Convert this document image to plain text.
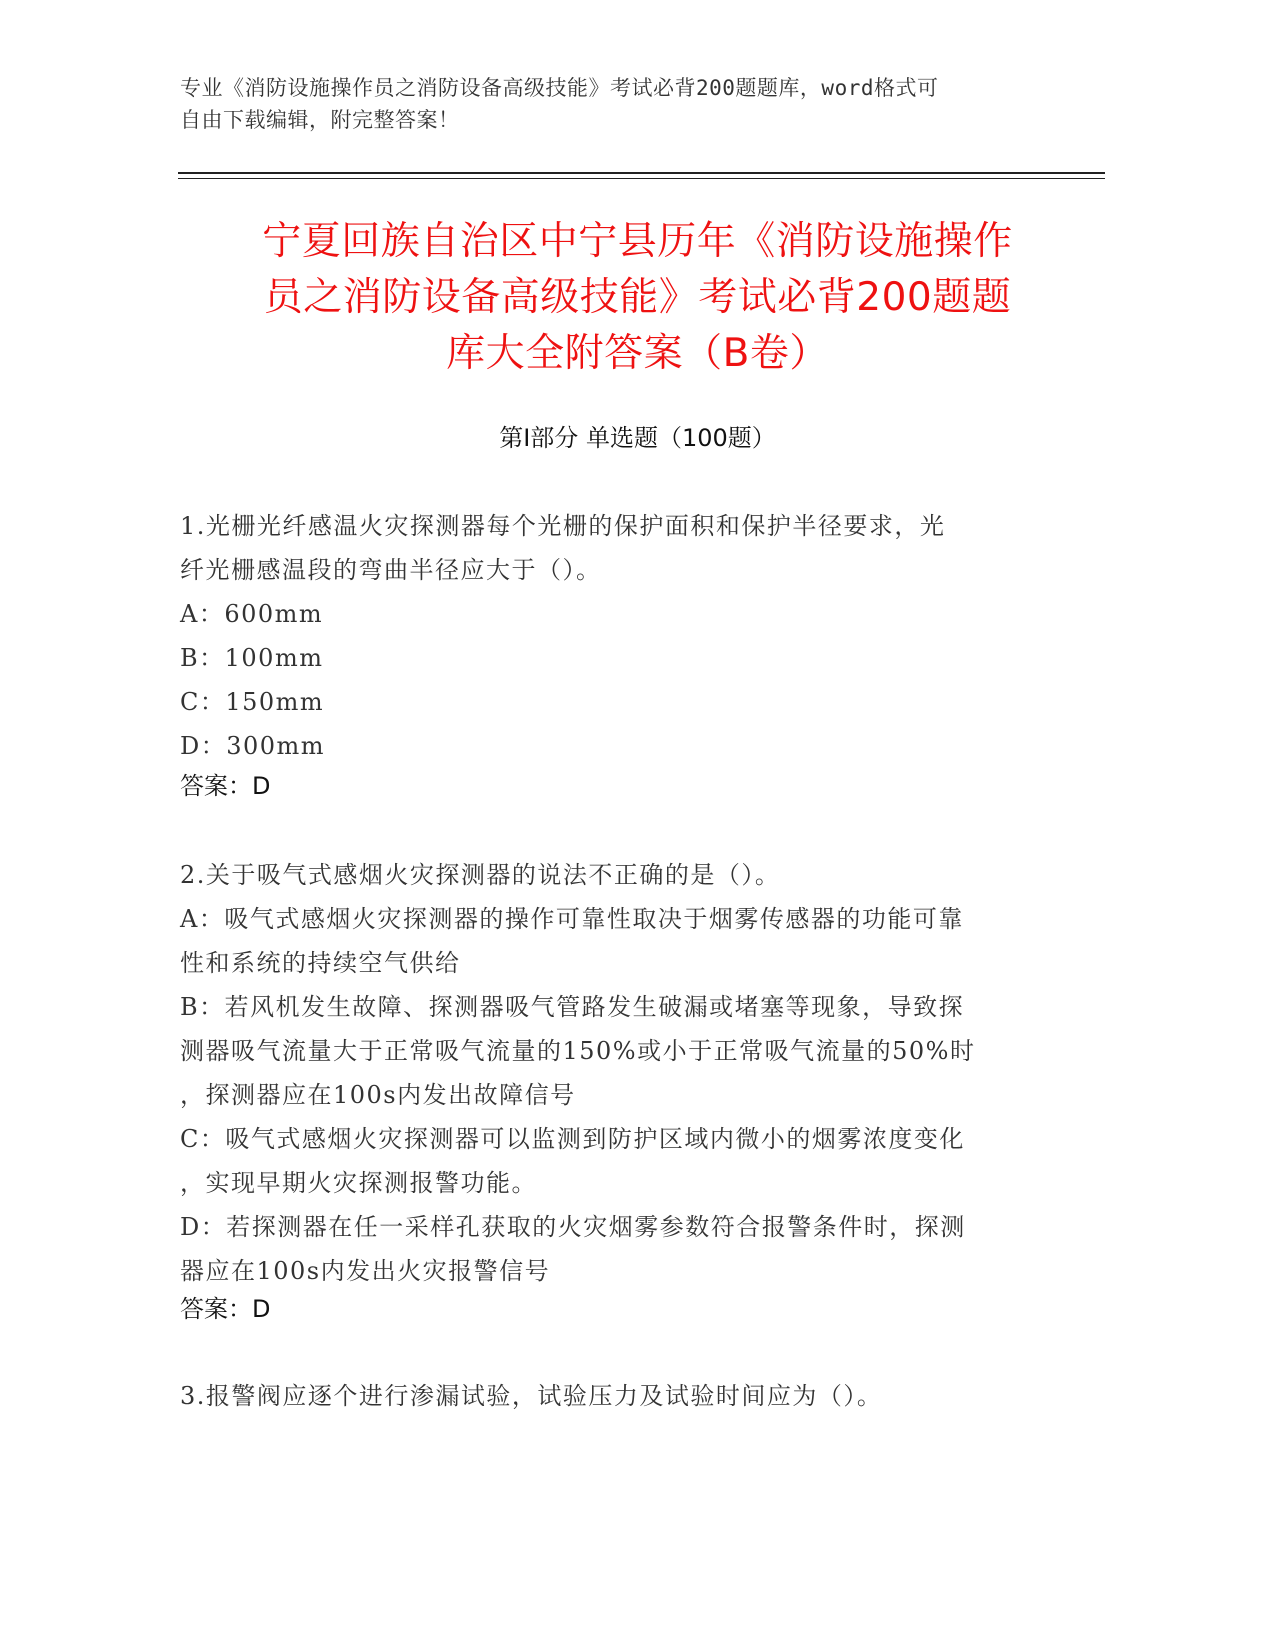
专业《消防设施操作员之消防设备高级技能》考试必背200题题库，word格式可
自由下载编辑，附完整答案！
宁夏回族自治区中宁县历年《消防设施操作
员之消防设备高级技能》考试必背200题题
库大全附答案（B卷）
第Ⅰ部分 单选题（100题）
1.光栅光纤感温火灾探测器每个光栅的保护面积和保护半径要求，光
纤光栅感温段的弯曲半径应大于（）。
A：600mm
B：100mm
C：150mm
D：300mm
答案：D
2.关于吸气式感烟火灾探测器的说法不正确的是（）。
A：吸气式感烟火灾探测器的操作可靠性取决于烟雾传感器的功能可靠
性和系统的持续空气供给
B：若风机发生故障、探测器吸气管路发生破漏或堵塞等现象，导致探
测器吸气流量大于正常吸气流量的150%或小于正常吸气流量的50%时
，探测器应在100s内发出故障信号
C：吸气式感烟火灾探测器可以监测到防护区域内微小的烟雾浓度变化
，实现早期火灾探测报警功能。
D：若探测器在任一采样孔获取的火灾烟雾参数符合报警条件时，探测
器应在100s内发出火灾报警信号
答案：D
3.报警阀应逐个进行渗漏试验，试验压力及试验时间应为（）。
